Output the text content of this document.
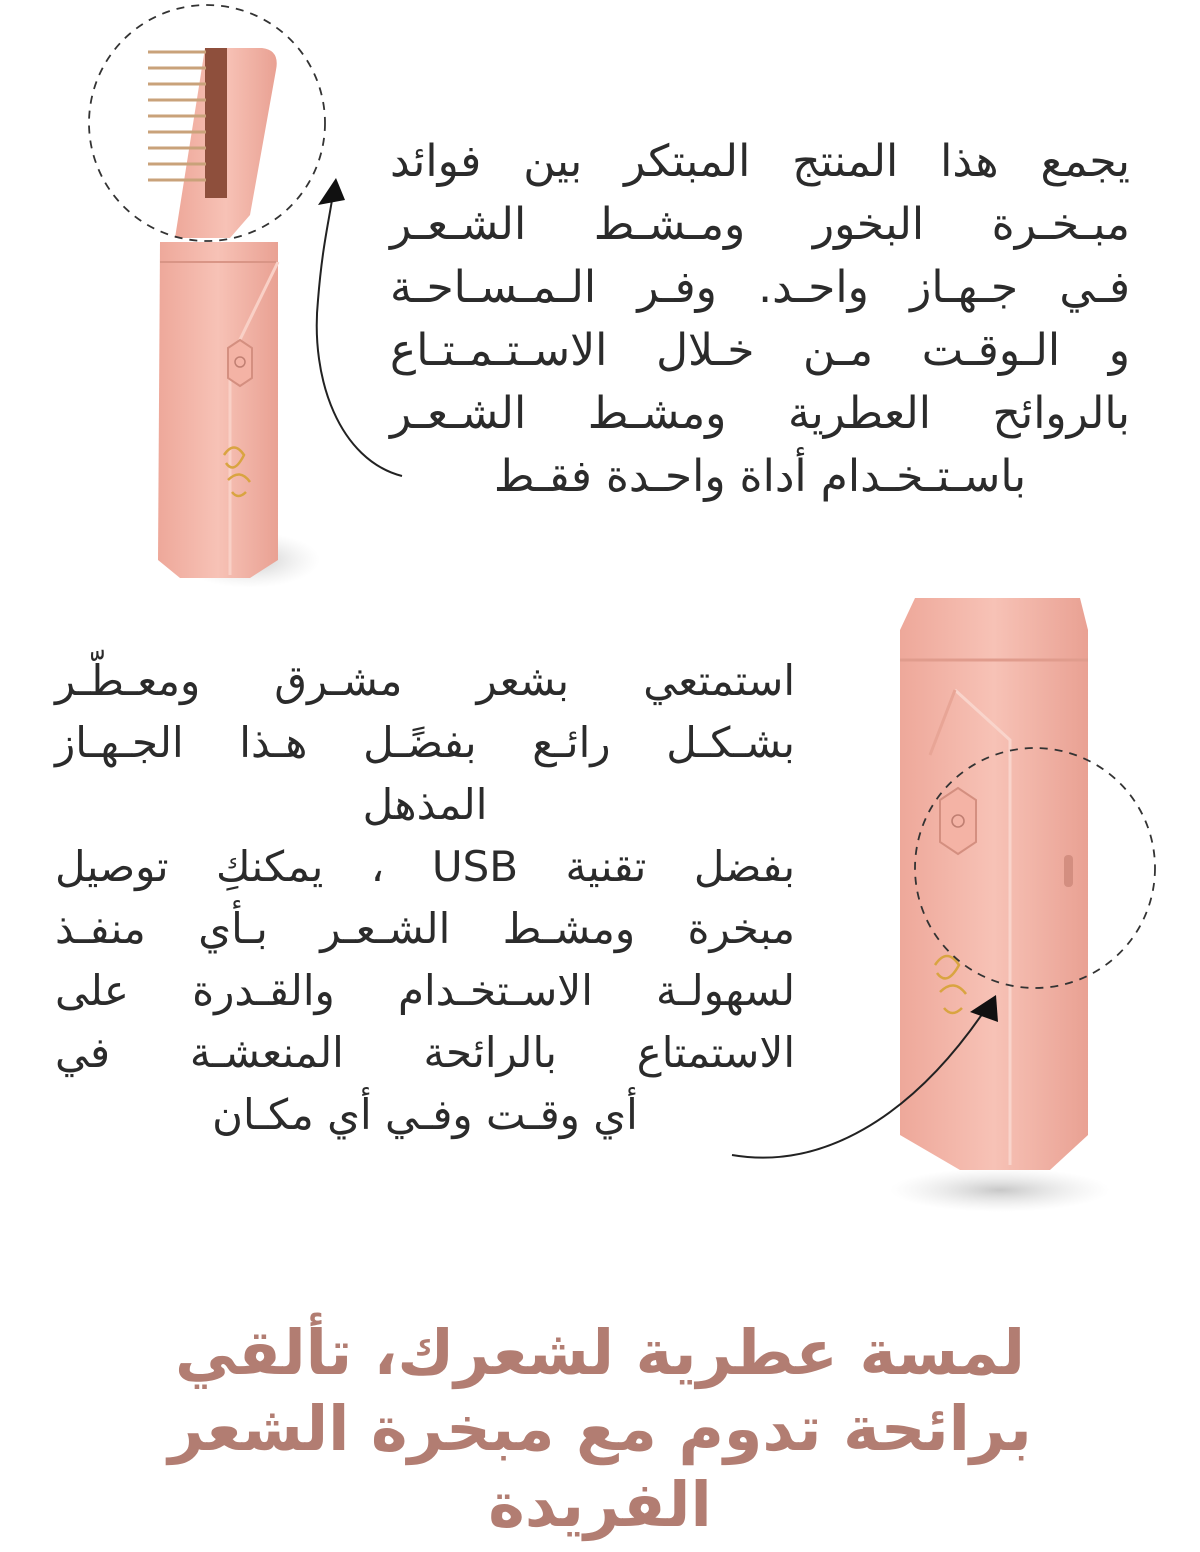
يجمع هذا المنتج المبتكر بين فوائد
مبـخـرة البخور ومـشـط الشـعـر
فـي جـهـاز واحـد. وفـر الـمـسـاحـة
و الـوقـت مـن خـلال الاسـتـمـتـاع
بالروائح العطرية ومشـط الشـعـر
باسـتـخـدام أداة واحـدة فقـط
استمتعي بشعر مشـرق ومعـطّـر
بشـكـل رائـع بفضًـل هـذا الجـهـاز
المذهل
بفضل تقنية USB ، يمكنكِ توصيل
مبخرة ومشـط الشـعـر بـأي منفـذ
لسهولـة الاسـتخـدام والقـدرة على
الاستمتاع بالرائحة المنعشـة في
أي وقـت وفـي أي مكـان
لمسة عطرية لشعرك، تألقي
برائحة تدوم مع مبخرة الشعر
الفريدة
